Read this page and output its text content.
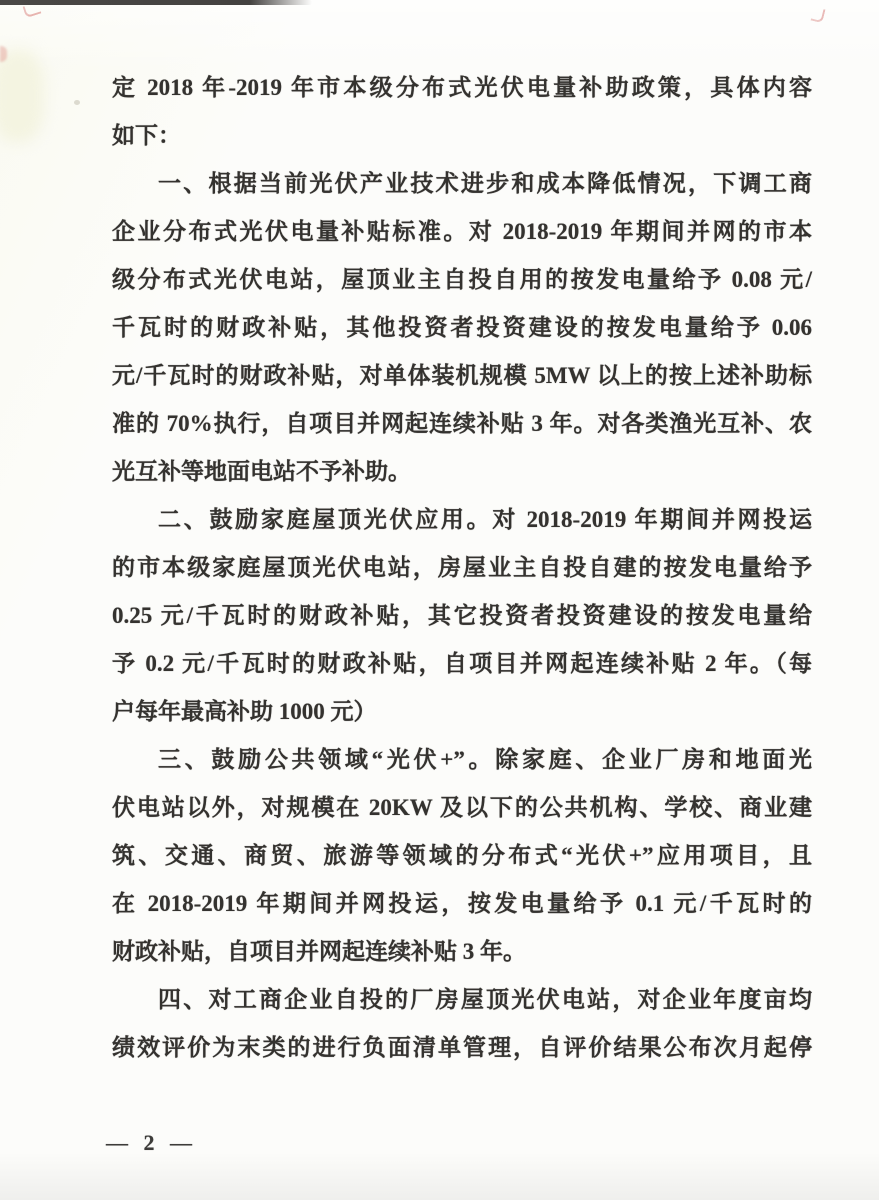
定 2018 年-2019 年市本级分布式光伏电量补助政策，具体内容
如下：
一、根据当前光伏产业技术进步和成本降低情况，下调工商
企业分布式光伏电量补贴标准。对 2018-2019 年期间并网的市本
级分布式光伏电站，屋顶业主自投自用的按发电量给予 0.08 元/
千瓦时的财政补贴，其他投资者投资建设的按发电量给予 0.06
元/千瓦时的财政补贴，对单体装机规模 5MW 以上的按上述补助标
准的 70%执行，自项目并网起连续补贴 3 年。对各类渔光互补、农
光互补等地面电站不予补助。
二、鼓励家庭屋顶光伏应用。对 2018-2019 年期间并网投运
的市本级家庭屋顶光伏电站，房屋业主自投自建的按发电量给予
0.25 元/千瓦时的财政补贴，其它投资者投资建设的按发电量给
予 0.2 元/千瓦时的财政补贴，自项目并网起连续补贴 2 年。（每
户每年最高补助 1000 元）
三、鼓励公共领域“光伏+”。除家庭、企业厂房和地面光
伏电站以外，对规模在 20KW 及以下的公共机构、学校、商业建
筑、交通、商贸、旅游等领域的分布式“光伏+”应用项目，且
在 2018-2019 年期间并网投运，按发电量给予 0.1 元/千瓦时的
财政补贴，自项目并网起连续补贴 3 年。
四、对工商企业自投的厂房屋顶光伏电站，对企业年度亩均
绩效评价为末类的进行负面清单管理，自评价结果公布次月起停
— 2 —
